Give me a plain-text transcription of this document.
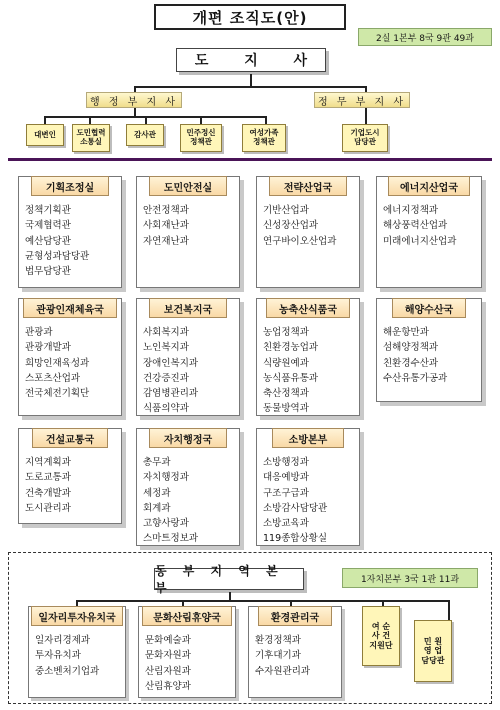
개편 조직도(안)
2실 1본부 8국 9관 49과
도	지	사
행 정 부 지 사	정 무 부 지 사
대변인	도민협력
소통실
감사관	민주정신
정책관
여성가족
정책관
기업도시
담당관
기획조정실
정책기획관
국제협력관
예산담당관
균형성과담당관
법무담당관
도민안전실
안전정책과
사회재난과
자연재난과
전략산업국
기반산업과
신성장산업과
연구바이오산업과
에너지산업국
에너지정책과
해상풍력산업과
미래에너지산업과
관광인재체육국
관광과
관광개발과
희망인재육성과
스포츠산업과
전국체전기획단
보건복지국
사회복지과
노인복지과
장애인복지과
건강증진과
감염병관리과
식품의약과
농축산식품국
농업정책과
친환경농업과
식량원예과
농식품유통과
축산정책과
동물방역과
해양수산국
해운항만과
섬해양정책과
친환경수산과
수산유통가공과
건설교통국
지역계획과
도로교통과
건축개발과
도시관리과
자치행정국
총무과
자치행정과
세정과
회계과
고향사랑과
스마트정보과
소방본부
소방행정과
대응예방과
구조구급과
소방감사담당관
소방교육과
119종합상황실
동 부 지 역 본 부
1자치본부 3국 1관 11과
일자리투자유치국
일자리경제과
투자유치과
중소벤처기업과
문화산림휴양국
문화예술과
문화자원과
산림자원과
산림휴양과
환경관리국
환경정책과
기후대기과
수자원관리과
여 순
사 건
지원단	민 원
영 업
담당관
